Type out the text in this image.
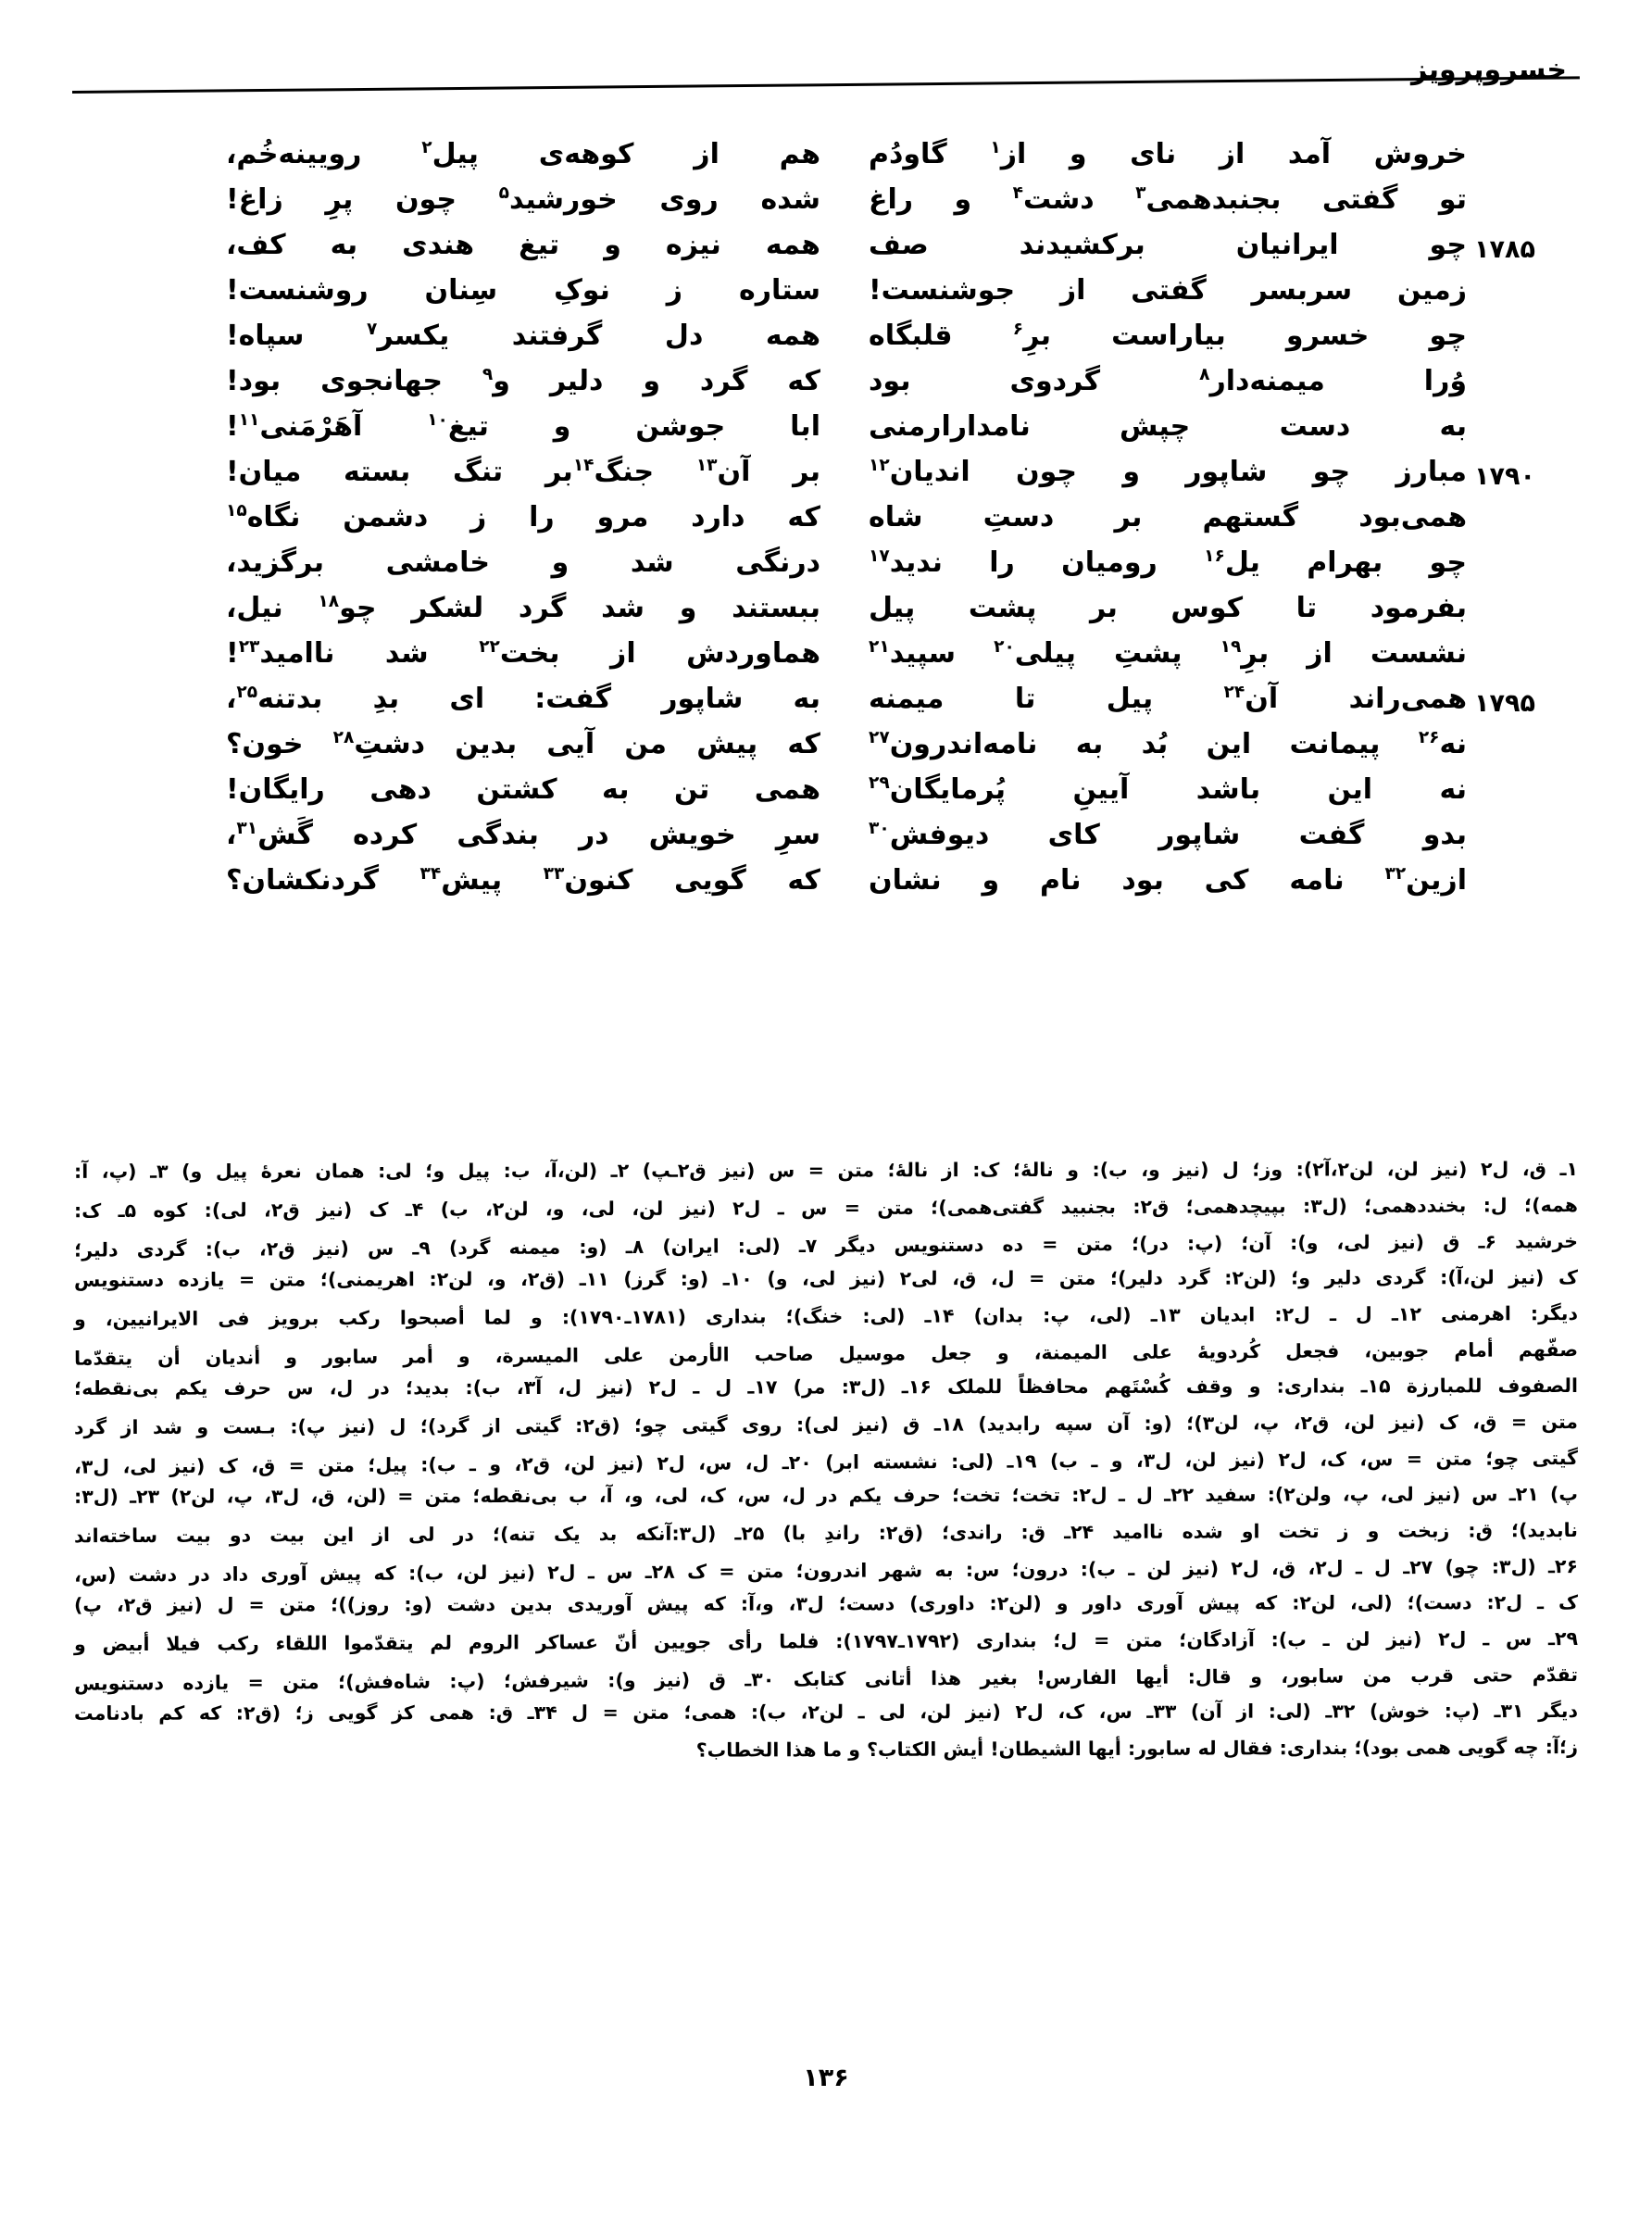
خسروپرویز
خروش آمد از نای و از$^١$ گاودُم
هم از کوهه‌ی پیل$^٢$ رویینه‌خُم،
تو گفتی بجنبدهمی$^٣$ دشت$^۴$ و راغ
شده روی خورشید$^۵$ چون پرِ زاغ!
١٧٨۵
چو ایرانیان برکشیدند صف
همه نیزه و تیغ هندی به کف،
زمین سربسر گفتی از جوشنست!
ستاره ز نوکِ سِنان روشنست!
چو خسرو بیاراست برِ$^۶$ قلبگاه
همه دل گرفتند یکسر$^٧$ سپاه!
وُرا میمنه‌دار$^٨$ گردوی بود
که گرد و دلیر و$^٩$ جهانجوی بود!
به دست چپش نامدارارمنی
ابا جوشن و تیغ$^{١٠}$ آهَرْمَنی$^{١١}$!
١٧٩٠
مبارز چو شاپور و چون اندیان$^{١٢}$
بر آن$^{١٣}$ جنگ$^{۱۴}$بر تنگ بسته میان!
همی‌بود گستهم بر دستِ شاه
که دارد مرو را ز دشمن نگاه$^{١۵}$
چو بهرام یل$^{١۶}$ رومیان را ندید$^{١٧}$
درنگی شد و خامشی برگزید،
بفرمود تا کوس بر پشت پیل
ببستند و شد گرد لشکر چو$^{١٨}$ نیل،
نشست از برِ$^{١٩}$ پشتِ پیلی$^{٢٠}$ سپید$^{٢١}$
هماوردش از بخت$^{٢٢}$ شد ناامید$^{٢٣}$!
١٧٩۵
همی‌راند آن$^{٢۴}$ پیل تا میمنه
به شاپور گفت: ای بدِ بدتنه$^{٢۵}$،
نه$^{٢۶}$ پیمانت این بُد به نامه‌اندرون$^{٢٧}$
که پیش من آیی بدین دشتِ$^{٢٨}$ خون؟
نه این باشد آیینِ پُرمایگان$^{٢٩}$
همی تن به کشتن دهی رایگان!
بدو گفت شاپور کای دیوفش$^{٣٠}$
سرِ خویش در بندگی کرده گَش$^{٣١}$،
ازین$^{٣٢}$ نامه کی بود نام و نشان
که گویی کنون$^{٣٣}$ پیش$^{٣۴}$ گردنکشان؟
١ـ ق، ل٢ (نیز لن، لن٢،آ٢): وز؛ ل (نیز و، ب): و نالهٔ؛ ک: از نالهٔ؛ متن = س (نیز ق٢ـپ) ٢ـ (لن،آ، ب: پیل و؛ لی: همان نعرهٔ پیل و) ٣ـ (پ، آ:
همه)؛ ل: بخنددهمی؛ (ل٣: بپیچدهمی؛ ق٢: بجنبید گفتی‌همی)؛ متن = س ـ ل٢ (نیز لن، لی، و، لن٢، ب) ۴ـ ک (نیز ق٢، لی): کوه ۵ـ ک:
خرشید ۶ـ ق (نیز لی، و): آن؛ (پ: در)؛ متن = ده دستنویس دیگر ٧ـ (لی: ایران) ٨ـ (و: میمنه گرد) ٩ـ س (نیز ق٢، ب): گردی دلیر؛
ک (نیز لن،آ): گردی دلیر و؛ (لن٢: گرد دلیر)؛ متن = ل، ق، لی٢ (نیز لی، و) ١٠ـ (و: گرز) ١١ـ (ق٢، و، لن٢: اهریمنی)؛ متن = یازده دستنویس
دیگر: اهرمنی ١٢ـ ل ـ ل٢: ابدیان ١٣ـ (لی، پ: بدان) ١۴ـ (لی: خنگ)؛ بنداری (١٧٨١ـ١٧٩٠): و لما أصبحوا رکب برویز فی الایرانیین، و
صفّهم أمام جوبین، فجعل کُردویهٔ علی المیمنة، و جعل موسیل صاحب الأرمن علی المیسرة، و أمر سابور و أندیان أن یتقدّما
الصفوف للمبارزة ١۵ـ بنداری: و وقف کُسْتَهم محافظاً للملک ١۶ـ (ل٣: مر) ١٧ـ ل ـ ل٢ (نیز ل، آ٣، ب): بدید؛ در ل، س حرف یکم بی‌نقطه؛
متن = ق، ک (نیز لن، ق٢، پ، لن٣)؛ (و: آن سپه رابدید) ١٨ـ ق (نیز لی): روی گیتی چو؛ (ق٢: گیتی از گرد)؛ ل (نیز پ): بـست و شد از گرد
گیتی چو؛ متن = س، ک، ل٢ (نیز لن، ل٣، و ـ ب) ١٩ـ (لی: نشسته ابر) ٢٠ـ ل، س، ل٢ (نیز لن، ق٢، و ـ ب): پیل؛ متن = ق، ک (نیز لی، ل٣،
پ) ٢١ـ س (نیز لی، پ، ولن٢): سفید ٢٢ـ ل ـ ل٢: تخت؛ تخت؛ حرف یکم در ل، س، ک، لی، و، آ، ب بی‌نقطه؛ متن = (لن، ق، ل٣، پ، لن٢) ٢٣ـ (ل٣:
نابدید)؛ ق: زبخت و ز تخت او شده ناامید ٢۴ـ ق: راندی؛ (ق٢: راندِ با) ٢۵ـ (ل٣:آنکه بد یک تنه)؛ در لی از این بیت دو بیت ساخته‌اند
٢۶ـ (ل٣: چو) ٢٧ـ ل ـ ل٢، ق، ل٢ (نیز لن ـ ب): درون؛ س: به شهر اندرون؛ متن = ک ٢٨ـ س ـ ل٢ (نیز لن، ب): که پیش آوری داد در دشت (س،
ک ـ ل٢: دست)؛ (لی، لن٢: که پیش آوری داور و (لن٢: داوری) دست؛ ل٣، و،آ: که پیش آوریدی بدین دشت (و: روز))؛ متن = ل (نیز ق٢، پ)
٢٩ـ س ـ ل٢ (نیز لن ـ ب): آزادگان؛ متن = ل؛ بنداری (١٧٩٢ـ١٧٩٧): فلما رأی جویین أنّ عساکر الروم لم یتقدّموا اللقاء رکب فیلا أبیض و
تقدّم حتی قرب من سابور، و قال: أیها الفارس! بغیر هذا أتانی کتابک ٣٠ـ ق (نیز و): شیرفش؛ (پ: شاه‌فش)؛ متن = یازده دستنویس
دیگر ٣١ـ (پ: خوش) ٣٢ـ (لی: از آن) ٣٣ـ س، ک، ل٢ (نیز لن، لی ـ لن٢، ب): همی؛ متن = ل ٣۴ـ ق: همی کز گویی ز؛ (ق٢: که کم بادنامت
ز؛آ: چه گویی همی بود)؛ بنداری: فقال له سابور: أیها الشیطان! أیش الکتاب؟ و ما هذا الخطاب؟
۱۳۶
